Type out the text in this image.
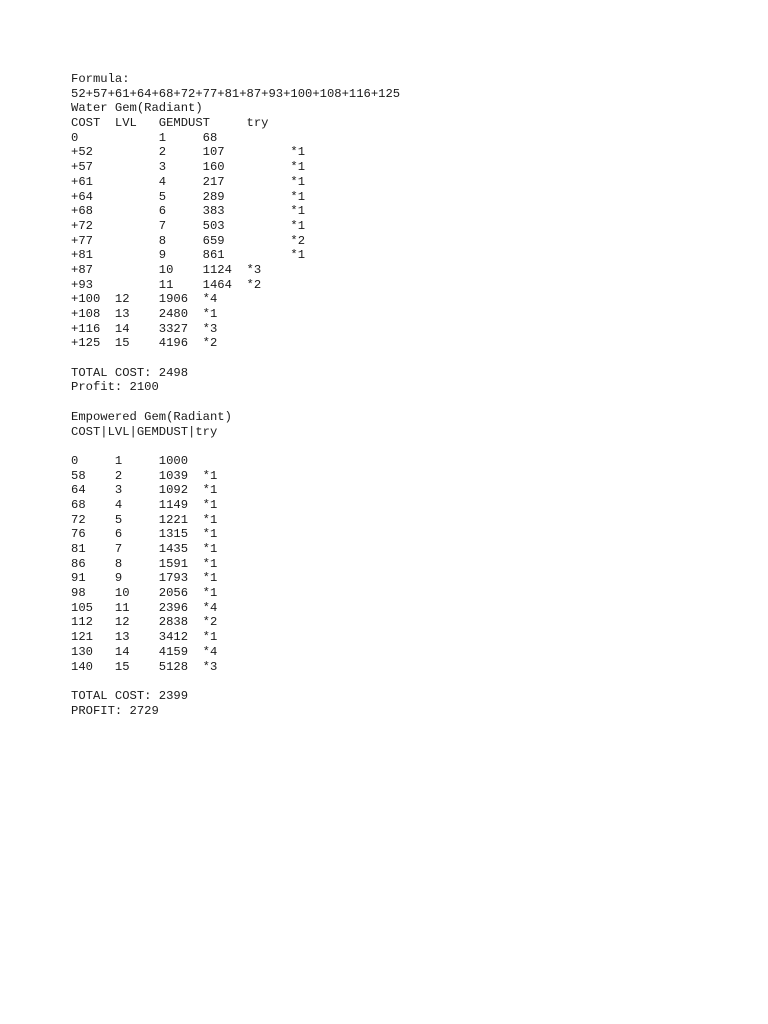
Formula:
52+57+61+64+68+72+77+81+87+93+100+108+116+125
Water Gem(Radiant)
COST  LVL   GEMDUST     try
0           1     68
+52         2     107         *1
+57         3     160         *1
+61         4     217         *1
+64         5     289         *1
+68         6     383         *1
+72         7     503         *1
+77         8     659         *2
+81         9     861         *1
+87         10    1124  *3
+93         11    1464  *2
+100  12    1906  *4
+108  13    2480  *1
+116  14    3327  *3
+125  15    4196  *2
TOTAL COST: 2498
Profit: 2100
Empowered Gem(Radiant)
COST|LVL|GEMDUST|try
0     1     1000
58    2     1039  *1
64    3     1092  *1
68    4     1149  *1
72    5     1221  *1
76    6     1315  *1
81    7     1435  *1
86    8     1591  *1
91    9     1793  *1
98    10    2056  *1
105   11    2396  *4
112   12    2838  *2
121   13    3412  *1
130   14    4159  *4
140   15    5128  *3
TOTAL COST: 2399
PROFIT: 2729
